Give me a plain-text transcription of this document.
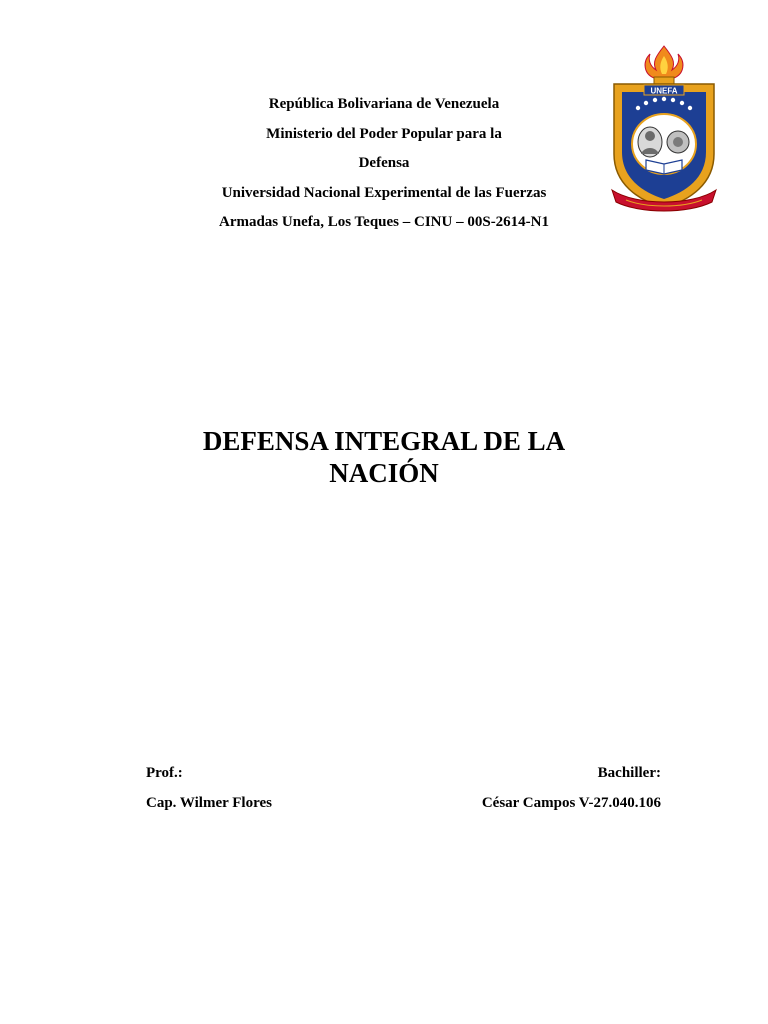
República Bolivariana de Venezuela
Ministerio del Poder Popular para la
Defensa
Universidad Nacional Experimental de las Fuerzas
Armadas Unefa, Los Teques – CINU – 00S-2614-N1
UNEFA
DEFENSA INTEGRAL DE LA
NACIÓN
Prof.:
Cap. Wilmer Flores
Bachiller:
César Campos V-27.040.106
